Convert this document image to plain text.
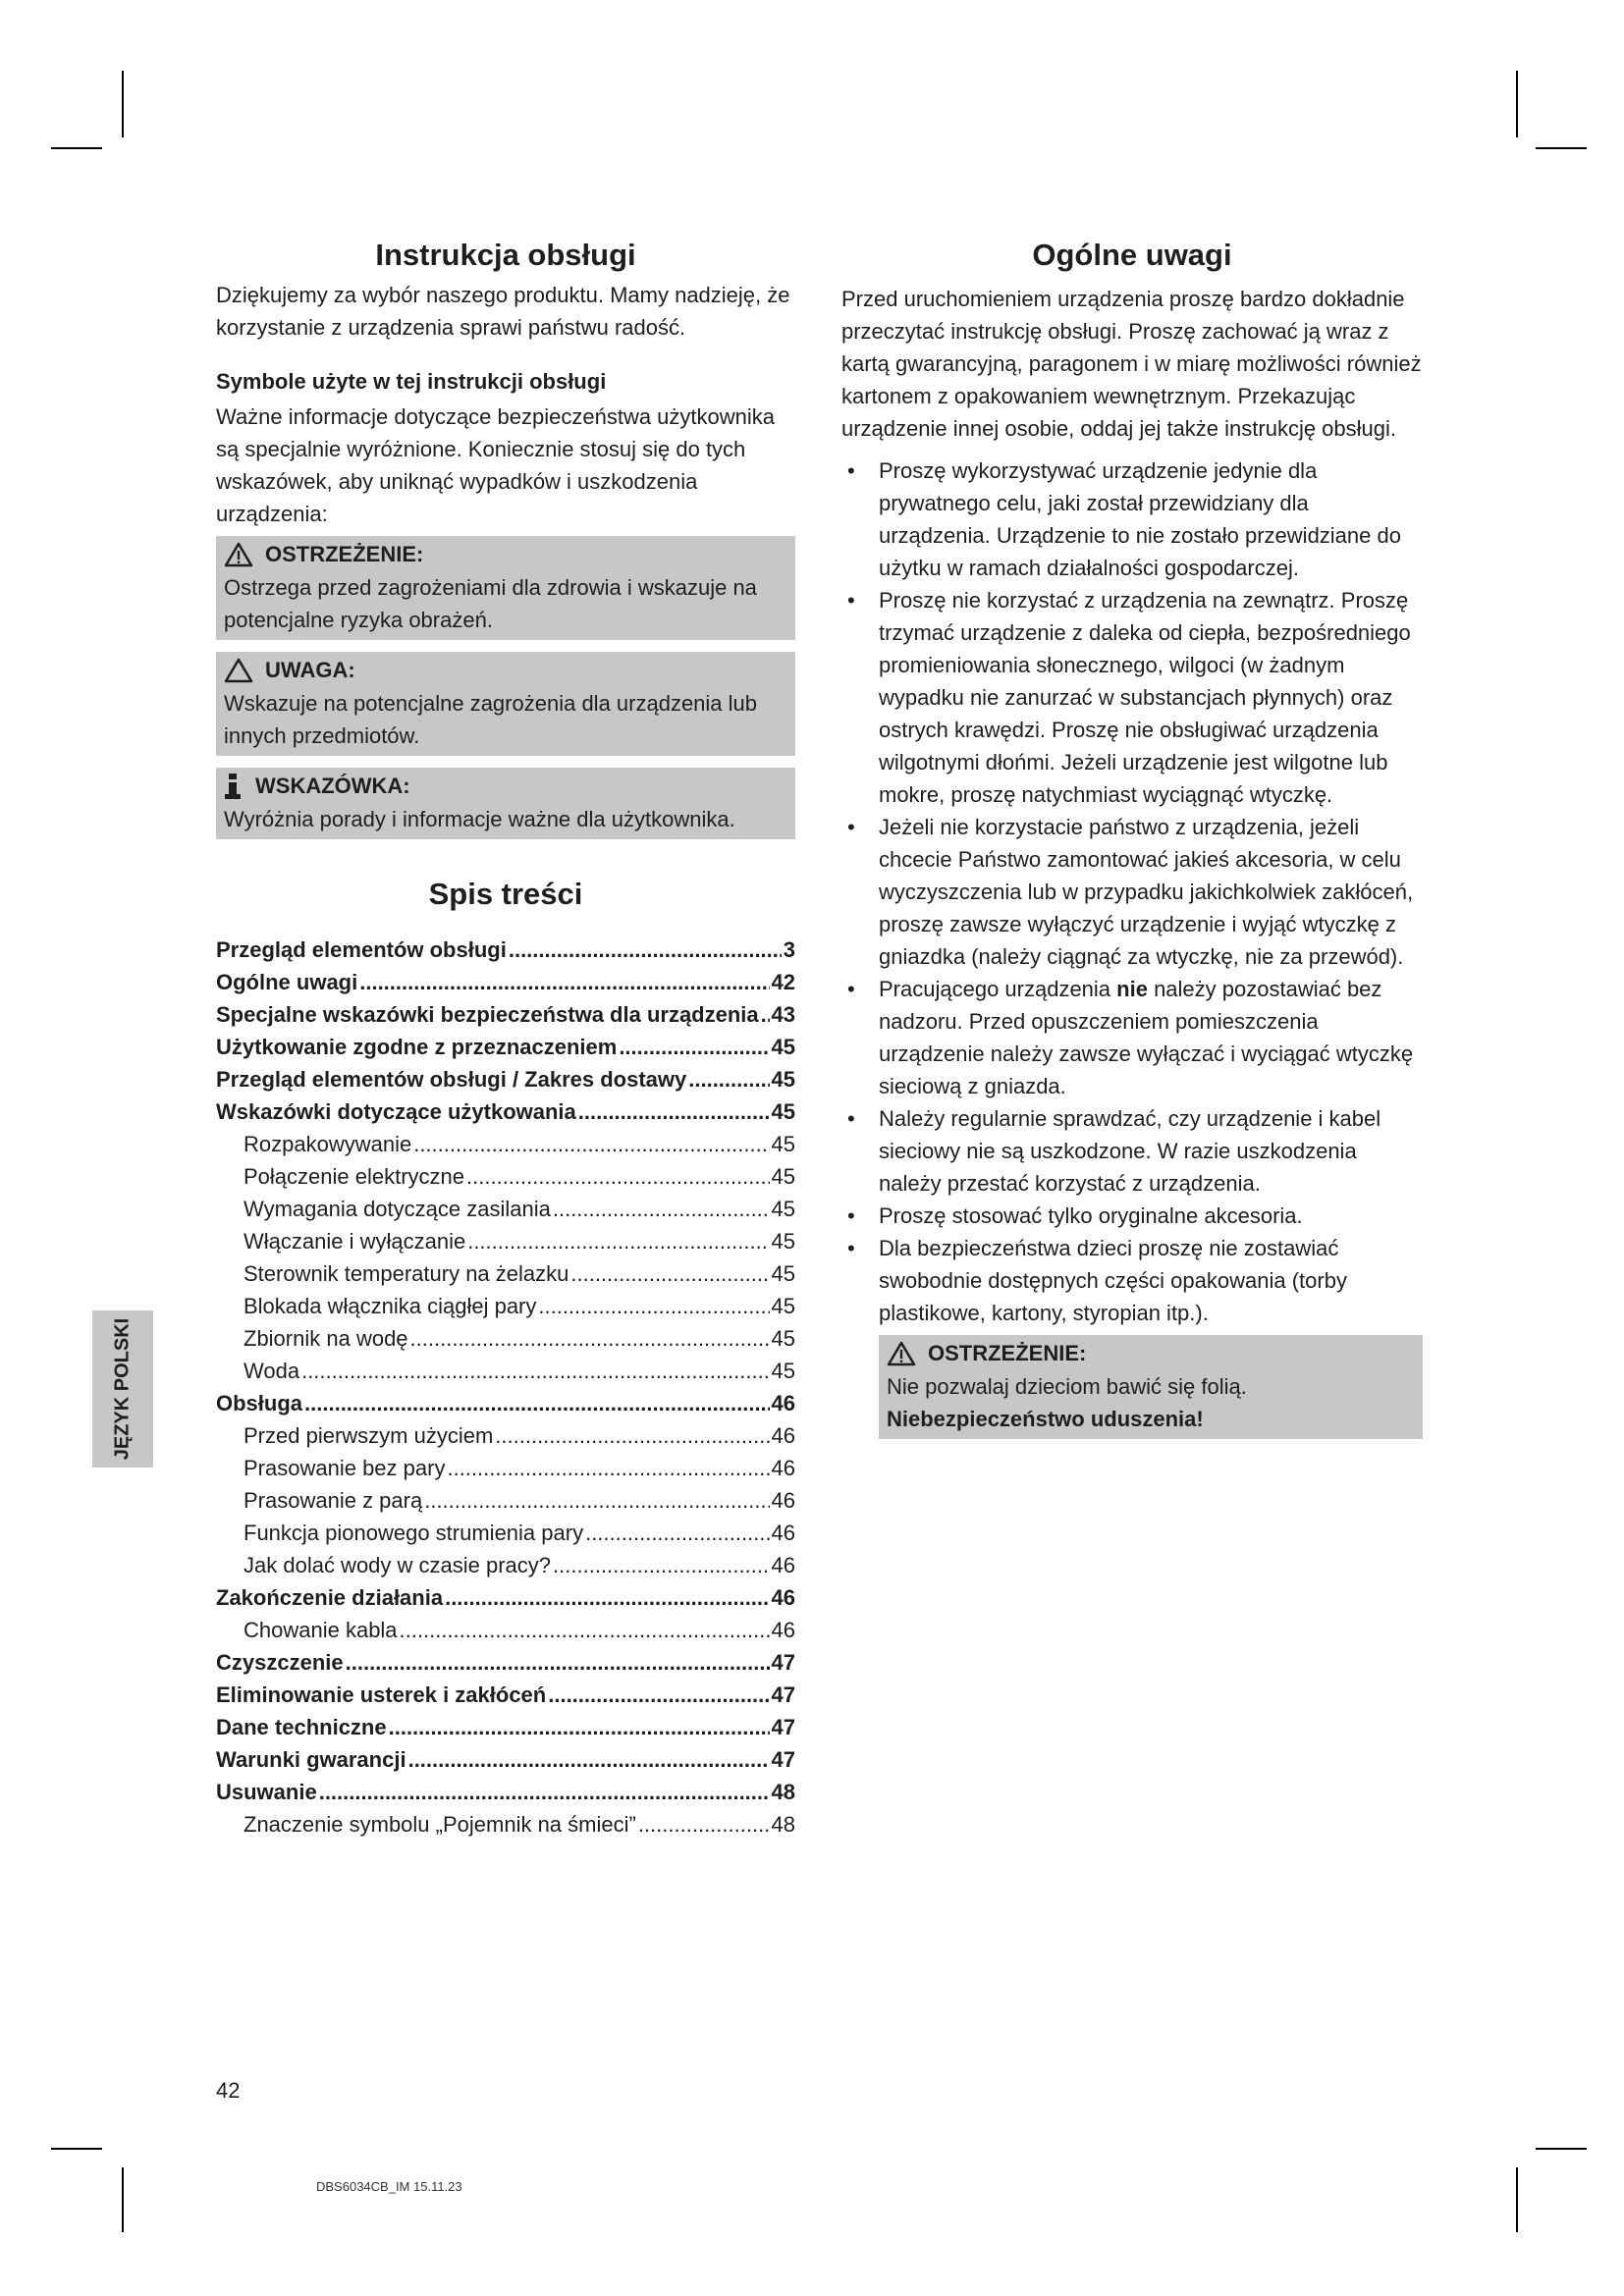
Instrukcja obsługi

Dziękujemy za wybór naszego produktu. Mamy nadzieję, że korzystanie z urządzenia sprawi państwu radość.

Symbole użyte w tej instrukcji obsługi

Ważne informacje dotyczące bezpieczeństwa użytkownika są specjalnie wyróżnione. Koniecznie stosuj się do tych wskazówek, aby uniknąć wypadków i uszkodzenia urządzenia:

OSTRZEŻENIE:
Ostrzega przed zagrożeniami dla zdrowia i wskazuje na potencjalne ryzyka obrażeń.
UWAGA:
Wskazuje na potencjalne zagrożenia dla urządzenia lub innych przedmiotów.
WSKAZÓWKA:
Wyróżnia porady i informacje ważne dla użytkownika.
Spis treści
Przegląd elementów obsługi .....	3
Ogólne uwagi .....	42
Specjalne wskazówki bezpieczeństwa dla urządzenia ..... 43
Użytkowanie zgodne z przeznaczeniem .....	45
Przegląd elementów obsługi / Zakres dostawy .....	45
Wskazówki dotyczące użytkowania .....	45
Rozpakowywanie .....	45
Połączenie elektryczne .....	45
Wymagania dotyczące zasilania .....	45
Włączanie i wyłączanie .....	45
Sterownik temperatury na żelazku .....	45
Blokada włącznika ciągłej pary .....	45
Zbiornik na wodę .....	45
Woda .....	45
Obsługa .....	46
Przed pierwszym użyciem .....	46
Prasowanie bez pary .....	46
Prasowanie z parą .....	46
Funkcja pionowego strumienia pary .....	46
Jak dolać wody w czasie pracy? .....	46
Zakończenie działania .....	46
Chowanie kabla .....	46
Czyszczenie .....	47
Eliminowanie usterek i zakłóceń .....	47
Dane techniczne .....	47
Warunki gwarancji .....	47
Usuwanie .....	48
Znaczenie symbolu „Pojemnik na śmieci” .....	48
Ogólne uwagi

Przed uruchomieniem urządzenia proszę bardzo dokładnie przeczytać instrukcję obsługi. Proszę zachować ją wraz z kartą gwarancyjną, paragonem i w miarę możliwości również kartonem z opakowaniem wewnętrznym. Przekazując urządzenie innej osobie, oddaj jej także instrukcję obsługi.

• Proszę wykorzystywać urządzenie jedynie dla prywatnego celu, jaki został przewidziany dla urządzenia. Urządzenie to nie zostało przewidziane do użytku w ramach działalności gospodarczej.
• Proszę nie korzystać z urządzenia na zewnątrz. Proszę trzymać urządzenie z daleka od ciepła, bezpośredniego promieniowania słonecznego, wilgoci (w żadnym wypadku nie zanurzać w substancjach płynnych) oraz ostrych krawędzi. Proszę nie obsługiwać urządzenia wilgotnymi dłońmi. Jeżeli urządzenie jest wilgotne lub mokre, proszę natychmiast wyciągnąć wtyczkę.
• Jeżeli nie korzystacie państwo z urządzenia, jeżeli chcecie Państwo zamontować jakieś akcesoria, w celu wyczyszczenia lub w przypadku jakichkolwiek zakłóceń, proszę zawsze wyłączyć urządzenie i wyjąć wtyczkę z gniazdka (należy ciągnąć za wtyczkę, nie za przewód).
• Pracującego urządzenia nie należy pozostawiać bez nadzoru. Przed opuszczeniem pomieszczenia urządzenie należy zawsze wyłączać i wyciągać wtyczkę sieciową z gniazda.
• Należy regularnie sprawdzać, czy urządzenie i kabel sieciowy nie są uszkodzone. W razie uszkodzenia należy przestać korzystać z urządzenia.
• Proszę stosować tylko oryginalne akcesoria.
• Dla bezpieczeństwa dzieci proszę nie zostawiać swobodnie dostępnych części opakowania (torby plastikowe, kartony, styropian itp.).
OSTRZEŻENIE:
Nie pozwalaj dzieciom bawić się folią. Niebezpieczeństwo uduszenia!
JĘZYK POLSKI
42
DBS6034CB_IM 15.11.23
